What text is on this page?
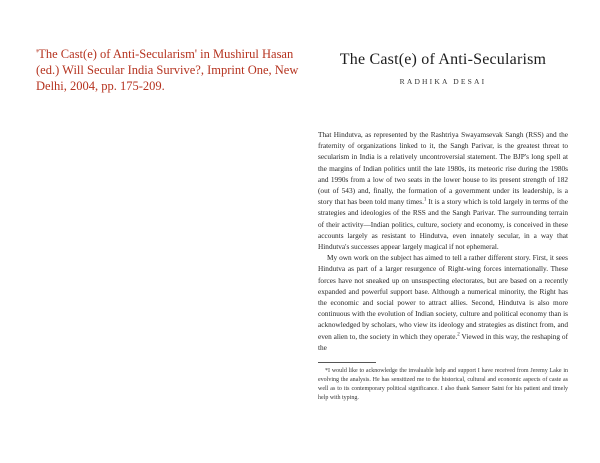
'The Cast(e) of Anti-Secularism' in Mushirul Hasan (ed.) Will Secular India Survive?, Imprint One, New Delhi, 2004, pp. 175-209.
The Cast(e) of Anti-Secularism
RADHIKA DESAI

That Hindutva, as represented by the Rashtriya Swayamsevak Sangh (RSS) and the fraternity of organizations linked to it, the Sangh Parivar, is the greatest threat to secularism in India is a relatively uncontroversial statement. The BJP's long spell at the margins of Indian politics until the late 1980s, its meteoric rise during the 1980s and 1990s from a low of two seats in the lower house to its present strength of 182 (out of 543) and, finally, the formation of a government under its leadership, is a story that has been told many times.$^1$ It is a story which is told largely in terms of the strategies and ideologies of the RSS and the Sangh Parivar. The surrounding terrain of their activity—Indian politics, culture, society and economy, is conceived in these accounts largely as resistant to Hindutva, even innately secular, in a way that Hindutva's successes appear largely magical if not ephemeral.

My own work on the subject has aimed to tell a rather different story. First, it sees Hindutva as part of a larger resurgence of Right-wing forces internationally. These forces have not sneaked up on unsuspecting electorates, but are based on a recently expanded and powerful support base. Although a numerical minority, the Right has the economic and social power to attract allies. Second, Hindutva is also more continuous with the evolution of Indian society, culture and political economy than is acknowledged by scholars, who view its ideology and strategies as distinct from, and even alien to, the society in which they operate.$^2$ Viewed in this way, the reshaping of the

*I would like to acknowledge the invaluable help and support I have received from Jeremy Lake in evolving the analysis. He has sensitized me to the historical, cultural and economic aspects of caste as well as to its contemporary political significance. I also thank Sameer Saini for his patient and timely help with typing.
